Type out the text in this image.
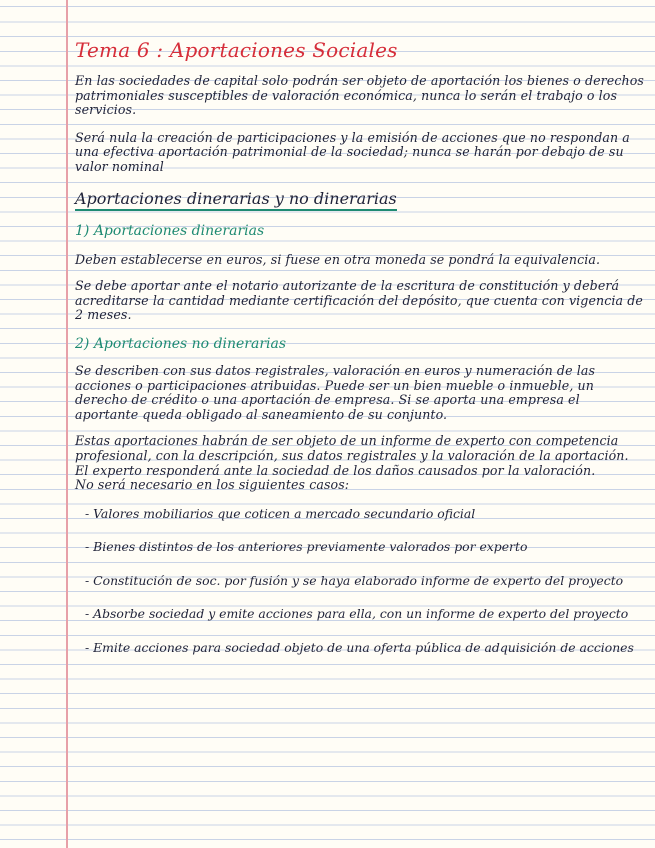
Tema 6 : Aportaciones Sociales

En las sociedades de capital solo podrán ser objeto de aportación los bienes o derechos patrimoniales susceptibles de valoración económica, nunca lo serán el trabajo o los servicios.

Será nula la creación de participaciones y la emisión de acciones que no respondan a una efectiva aportación patrimonial de la sociedad; nunca se harán por debajo de su valor nominal

Aportaciones dinerarias y no dinerarias
1) Aportaciones dinerarias

Deben establecerse en euros, si fuese en otra moneda se pondrá la equivalencia.

Se debe aportar ante el notario autorizante de la escritura de constitución y deberá acreditarse la cantidad mediante certificación del depósito, que cuenta con vigencia de 2 meses.

2) Aportaciones no dinerarias

Se describen con sus datos registrales, valoración en euros y numeración de las acciones o participaciones atribuidas. Puede ser un bien mueble o inmueble, un derecho de crédito o una aportación de empresa. Si se aporta una empresa el aportante queda obligado al saneamiento de su conjunto.

Estas aportaciones habrán de ser objeto de un informe de experto con competencia profesional, con la descripción, sus datos registrales y la valoración de la aportación.

El experto responderá ante la sociedad de los daños causados por la valoración.

No será necesario en los siguientes casos:

- Valores mobiliarios que coticen a mercado secundario oficial
- Bienes distintos de los anteriores previamente valorados por experto
- Constitución de soc. por fusión y se haya elaborado informe de experto del proyecto
- Absorbe sociedad y emite acciones para ella, con un informe de experto del proyecto
- Emite acciones para sociedad objeto de una oferta pública de adquisición de acciones
